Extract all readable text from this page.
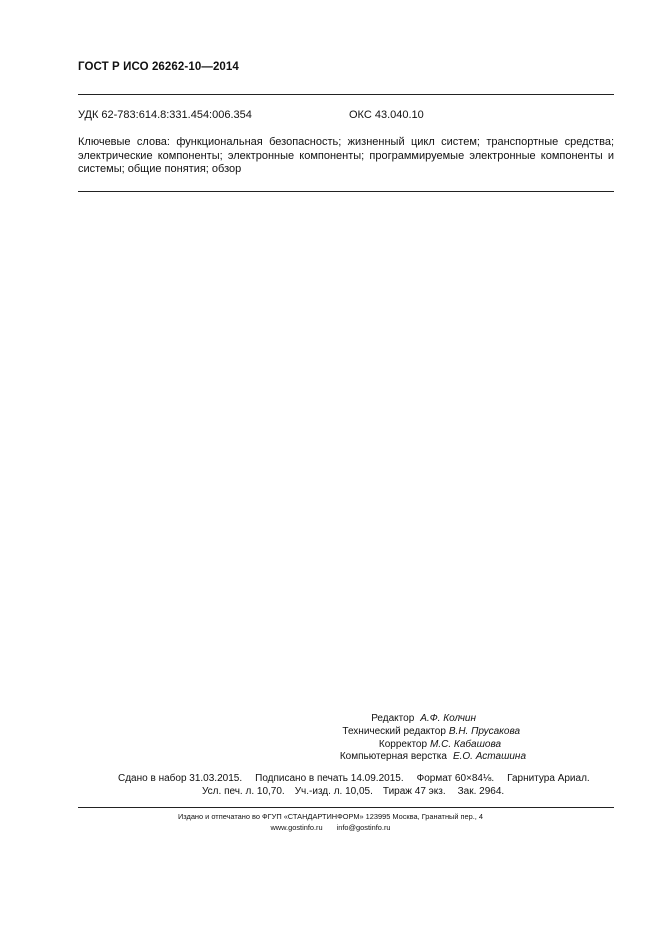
ГОСТ Р ИСО 26262-10—2014
УДК 62-783:614.8:331.454:006.354	ОКС 43.040.10
Ключевые слова: функциональная безопасность; жизненный цикл систем; транспортные средства; электрические компоненты; электронные компоненты; программируемые электронные компоненты и системы; общие понятия; обзор
Редактор А.Ф. Колчин
Технический редактор В.Н. Прусакова
Корректор М.С. Кабашова
Компьютерная верстка Е.О. Асташина
Сдано в набор 31.03.2015. Подписано в печать 14.09.2015. Формат 60×84⅛. Гарнитура Ариал.
Усл. печ. л. 10,70. Уч.-изд. л. 10,05. Тираж 47 экз. Зак. 2964.
Издано и отпечатано во ФГУП «СТАНДАРТИНФОРМ» 123995 Москва, Гранатный пер., 4
www.gostinfo.ru info@gostinfo.ru
